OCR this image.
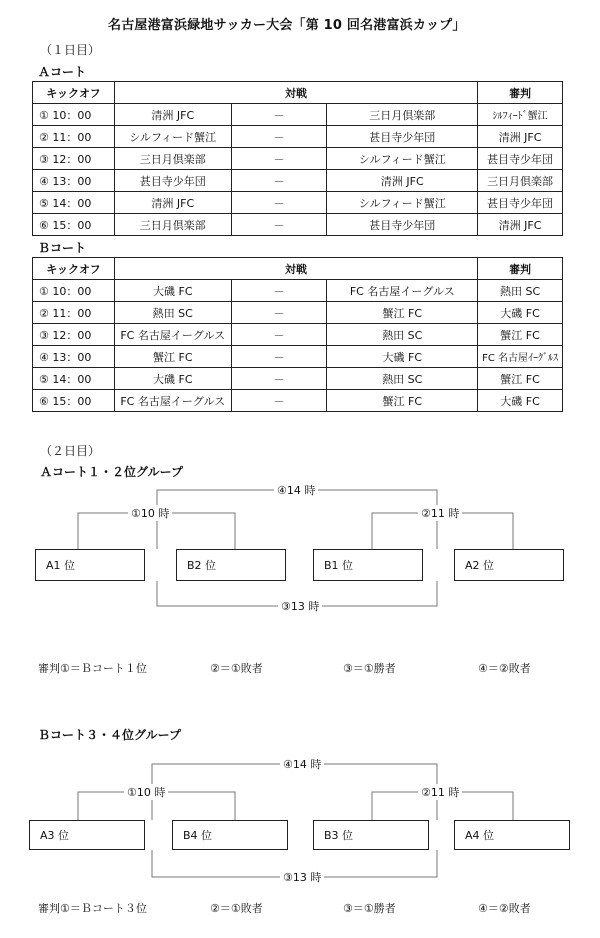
名古屋港富浜緑地サッカー大会「第 10 回名港富浜カップ」
（１日目）
Ａコート
キックオフ	対戦			審判
① 10：00	清洲 JFC	－	三日月倶楽部	ｼﾙﾌｨｰﾄﾞ蟹江
② 11：00	シルフィード蟹江	－	甚目寺少年団	清洲 JFC
③ 12：00	三日月倶楽部	－	シルフィード蟹江	甚目寺少年団
④ 13：00	甚目寺少年団	－	清洲 JFC	三日月倶楽部
⑤ 14：00	清洲 JFC	－	シルフィード蟹江	甚目寺少年団
⑥ 15：00	三日月倶楽部	－	甚目寺少年団	清洲 JFC
Ｂコート
キックオフ	対戦			審判
① 10：00	大磯 FC	－	FC 名古屋イーグルス	熱田 SC
② 11：00	熱田 SC	－	蟹江 FC	大磯 FC
③ 12：00	FC 名古屋イーグルス	－	熱田 SC	蟹江 FC
④ 13：00	蟹江 FC	－	大磯 FC	FC 名古屋ｲｰｸﾞﾙｽ
⑤ 14：00	大磯 FC	－	熱田 SC	蟹江 FC
⑥ 15：00	FC 名古屋イーグルス	－	蟹江 FC	大磯 FC
（２日目）
Ａコート１・２位グループ
④14 時
①10 時	②11 時
③13 時
A1 位	B2 位	B1 位	A2 位
審判①＝Ｂコート１位	②＝①敗者	③＝①勝者	④＝②敗者
Ｂコート３・４位グループ
④14 時
①10 時	②11 時
③13 時
A3 位	B4 位	B3 位	A4 位
審判①＝Ｂコート３位	②＝①敗者	③＝①勝者	④＝②敗者
